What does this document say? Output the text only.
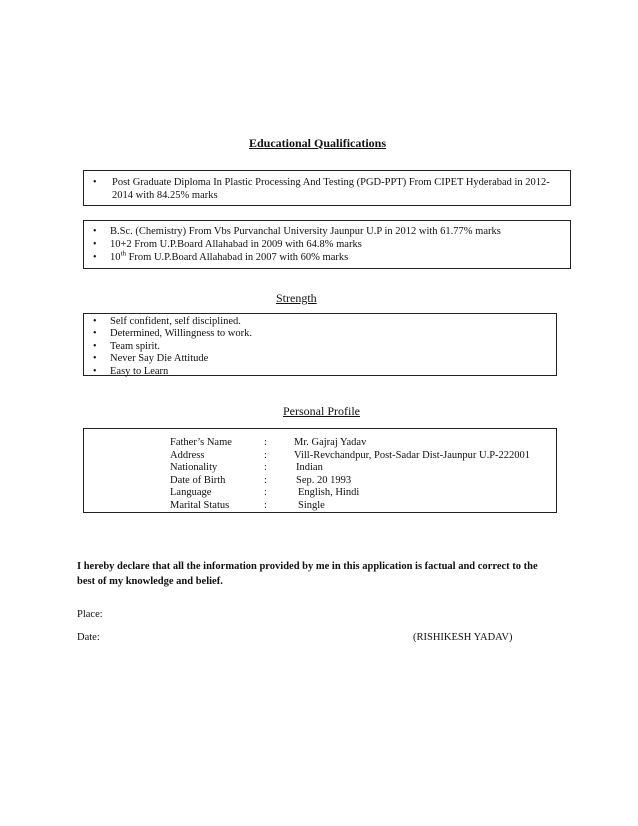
Educational Qualifications
• Post Graduate Diploma In Plastic Processing And Testing (PGD-PPT) From CIPET Hyderabad in 2012-2014 with 84.25% marks
• B.Sc. (Chemistry) From Vbs Purvanchal University Jaunpur U.P in 2012 with 61.77% marks
• 10+2 From U.P.Board Allahabad in 2009 with 64.8% marks
• 10th From U.P.Board Allahabad in 2007 with 60% marks
Strength
• Self confident, self disciplined.
• Determined, Willingness to work.
• Team spirit.
• Never Say Die Attitude
• Easy to Learn
Personal Profile
Father’s Name	:	Mr. Gajraj Yadav
Address	:	Vill-Revchandpur, Post-Sadar Dist-Jaunpur U.P-222001
Nationality	:	Indian
Date of Birth	:	Sep. 20 1993
Language	:	English, Hindi
Marital Status	:	Single
I hereby declare that all the information provided by me in this application is factual and correct to the best of my knowledge and belief.
Place:
Date:	(RISHIKESH YADAV)
